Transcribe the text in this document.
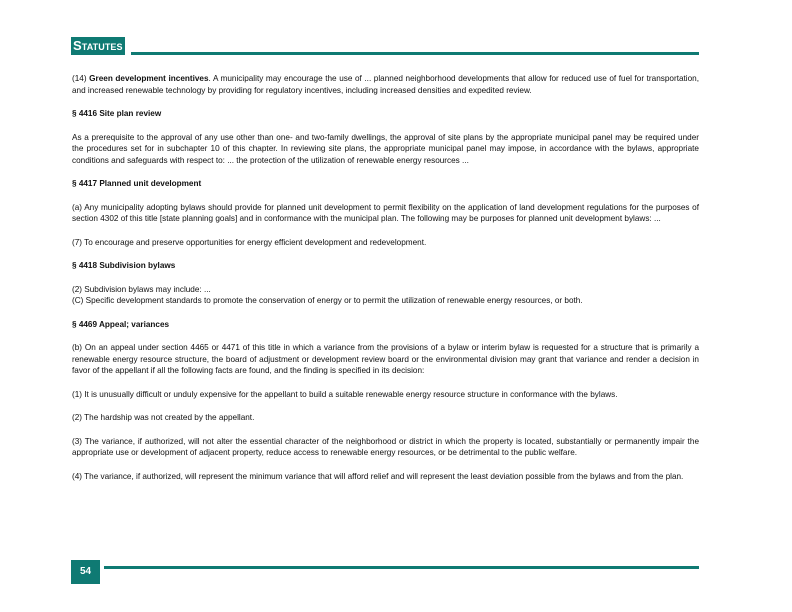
Statutes

(14) Green development incentives. A municipality may encourage the use of ... planned neighborhood developments that allow for reduced use of fuel for transportation, and increased renewable technology by providing for regulatory incentives, including increased densities and expedited review.

§ 4416 Site plan review

As a prerequisite to the approval of any use other than one- and two-family dwellings, the approval of site plans by the appropriate municipal panel may be required under the procedures set for in subchapter 10 of this chapter. In reviewing site plans, the appropriate municipal panel may impose, in accordance with the bylaws, appropriate conditions and safeguards with respect to: ... the protection of the utilization of renewable energy resources ...

§ 4417 Planned unit development

(a) Any municipality adopting bylaws should provide for planned unit development to permit flexibility on the application of land development regulations for the purposes of section 4302 of this title [state planning goals] and in conformance with the municipal plan. The following may be purposes for planned unit development bylaws: ...

(7) To encourage and preserve opportunities for energy efficient development and redevelopment.

§ 4418 Subdivision bylaws

(2) Subdivision bylaws may include: ...

(C) Specific development standards to promote the conservation of energy or to permit the utilization of renewable energy resources, or both.

§ 4469 Appeal; variances

(b) On an appeal under section 4465 or 4471 of this title in which a variance from the provisions of a bylaw or interim bylaw is requested for a structure that is primarily a renewable energy resource structure, the board of adjustment or development review board or the environmental division may grant that variance and render a decision in favor of the appellant if all the following facts are found, and the finding is specified in its decision:

(1) It is unusually difficult or unduly expensive for the appellant to build a suitable renewable energy resource structure in conformance with the bylaws.

(2) The hardship was not created by the appellant.

(3) The variance, if authorized, will not alter the essential character of the neighborhood or district in which the property is located, substantially or permanently impair the appropriate use or development of adjacent property, reduce access to renewable energy resources, or be detrimental to the public welfare.

(4) The variance, if authorized, will represent the minimum variance that will afford relief and will represent the least deviation possible from the bylaws and from the plan.

54
